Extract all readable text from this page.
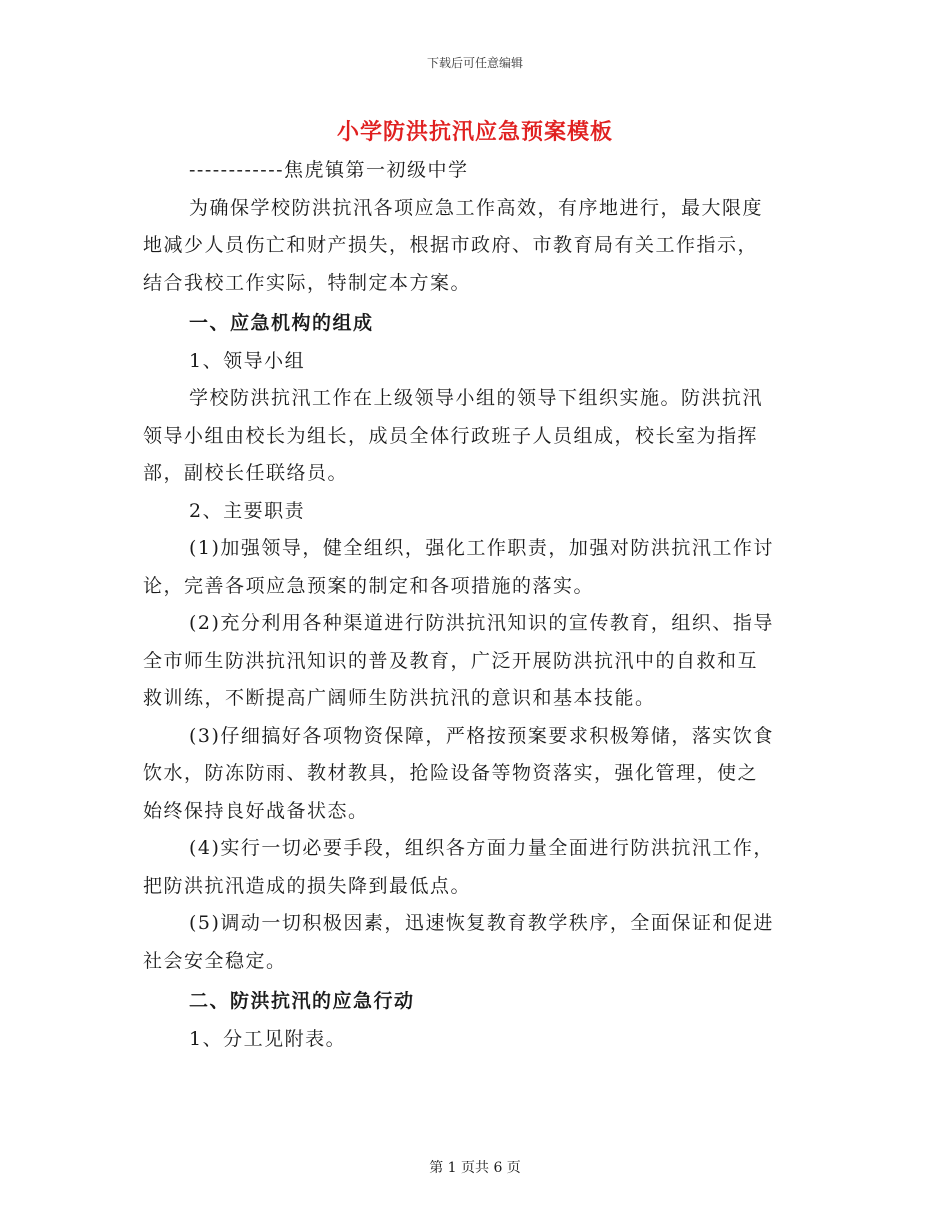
下载后可任意编辑
小学防洪抗汛应急预案模板
------------焦虎镇第一初级中学
为确保学校防洪抗汛各项应急工作高效，有序地进行，最大限度
地减少人员伤亡和财产损失，根据市政府、市教育局有关工作指示，
结合我校工作实际，特制定本方案。
一、应急机构的组成
1、领导小组
学校防洪抗汛工作在上级领导小组的领导下组织实施。防洪抗汛
领导小组由校长为组长，成员全体行政班子人员组成，校长室为指挥
部，副校长任联络员。
2、主要职责
(1)加强领导，健全组织，强化工作职责，加强对防洪抗汛工作讨
论，完善各项应急预案的制定和各项措施的落实。
(2)充分利用各种渠道进行防洪抗汛知识的宣传教育，组织、指导
全市师生防洪抗汛知识的普及教育，广泛开展防洪抗汛中的自救和互
救训练，不断提高广阔师生防洪抗汛的意识和基本技能。
(3)仔细搞好各项物资保障，严格按预案要求积极筹储，落实饮食
饮水，防冻防雨、教材教具，抢险设备等物资落实，强化管理，使之
始终保持良好战备状态。
(4)实行一切必要手段，组织各方面力量全面进行防洪抗汛工作，
把防洪抗汛造成的损失降到最低点。
(5)调动一切积极因素，迅速恢复教育教学秩序，全面保证和促进
社会安全稳定。
二、防洪抗汛的应急行动
1、分工见附表。
第 1 页共 6 页
